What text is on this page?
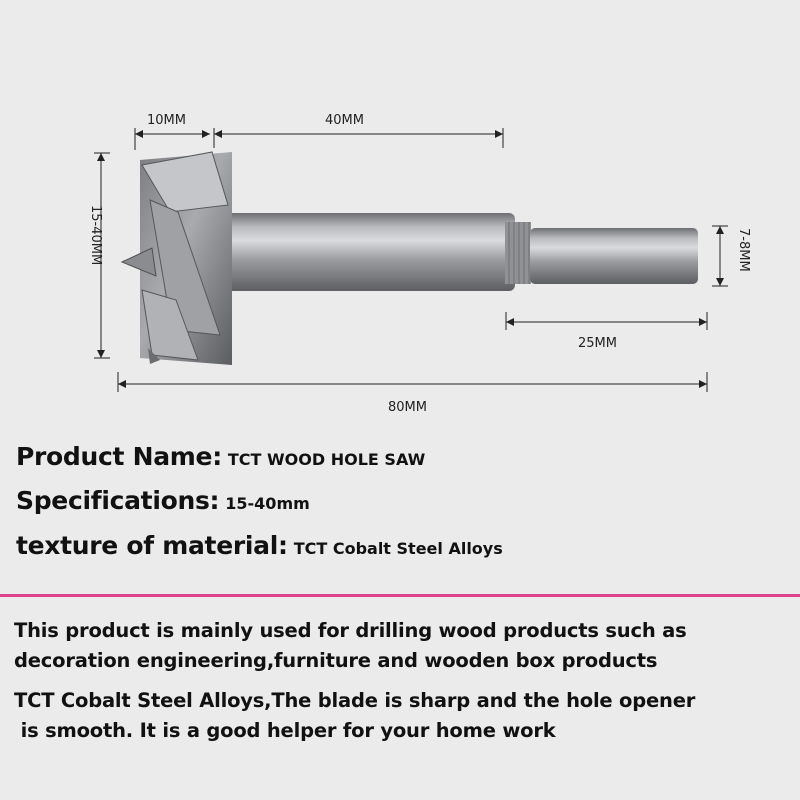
10MM	40MM
15-40MM	7-8MM
25MM
80MM

Product Name: TCT WOOD HOLE SAW

Specifications: 15-40mm

texture of material: TCT Cobalt Steel Alloys

This product is mainly used for drilling wood products such as

decoration engineering,furniture and wooden box products

TCT Cobalt Steel Alloys,The blade is sharp and the hole opener

is smooth. It is a good helper for your home work
